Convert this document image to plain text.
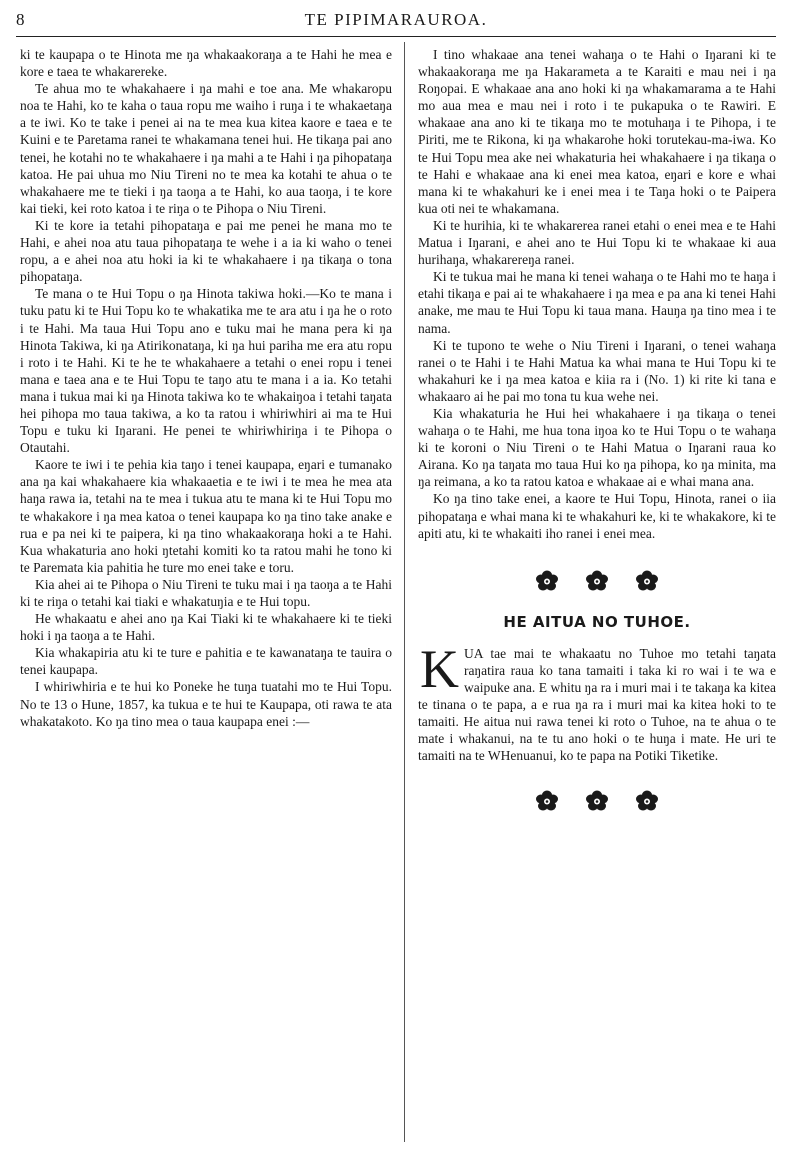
8	TE PIPIMARAUROA.

ki te kaupapa o te Hinota me ŋa whakaakoraŋa a te Hahi he mea e kore e taea te whakarereke.

Te ahua mo te whakahaere i ŋa mahi e toe ana. Me whakaropu noa te Hahi, ko te kaha o taua ropu me waiho i ruŋa i te whakaetaŋa a te iwi. Ko te take i penei ai na te mea kua kitea kaore e taea e te Kuini e te Paretama ranei te whakamana tenei hui. He tikaŋa pai ano tenei, he kotahi no te whakahaere i ŋa mahi a te Hahi i ŋa pihopataŋa katoa. He pai uhua mo Niu Tireni no te mea ka kotahi te ahua o te whakahaere me te tieki i ŋa taoŋa a te Hahi, ko aua taoŋa, i te kore kai tieki, kei roto katoa i te riŋa o te Pihopa o Niu Tireni.

Ki te kore ia tetahi pihopataŋa e pai me penei he mana mo te Hahi, e ahei noa atu taua pihopataŋa te wehe i a ia ki waho o tenei ropu, a e ahei noa atu hoki ia ki te whakahaere i ŋa tikaŋa o tona pihopataŋa.

Te mana o te Hui Topu o ŋa Hinota takiwa hoki.—Ko te mana i tuku patu ki te Hui Topu ko te whakatika me te ara atu i ŋa he o roto i te Hahi. Ma taua Hui Topu ano e tuku mai he mana pera ki ŋa Hinota Takiwa, ki ŋa Atirikonataŋa, ki ŋa hui pariha me era atu ropu i roto i te Hahi. Ki te he te whakahaere a tetahi o enei ropu i tenei mana e taea ana e te Hui Topu te taŋo atu te mana i a ia. Ko tetahi mana i tukua mai ki ŋa Hinota takiwa ko te whakaiŋoa i tetahi taŋata hei pihopa mo taua takiwa, a ko ta ratou i whiriwhiri ai ma te Hui Topu e tuku ki Iŋarani. He penei te whiriwhiriŋa i te Pihopa o Otautahi.

Kaore te iwi i te pehia kia taŋo i tenei kaupapa, eŋari e tumanako ana ŋa kai whakahaere kia whakaaetia e te iwi i te mea he mea ata haŋa rawa ia, tetahi na te mea i tukua atu te mana ki te Hui Topu mo te whakakore i ŋa mea katoa o tenei kaupapa ko ŋa tino take anake e rua e pa nei ki te paipera, ki ŋa tino whakaakoraŋa hoki a te Hahi. Kua whakaturia ano hoki ŋtetahi komiti ko ta ratou mahi he tono ki te Paremata kia pahitia he ture mo enei take e toru.

Kia ahei ai te Pihopa o Niu Tireni te tuku mai i ŋa taoŋa a te Hahi ki te riŋa o tetahi kai tiaki e whakatuŋia e te Hui topu.

He whakaatu e ahei ano ŋa Kai Tiaki ki te whakahaere ki te tieki hoki i ŋa taoŋa a te Hahi.

Kia whakapiria atu ki te ture e pahitia e te kawanataŋa te tauira o tenei kaupapa.

I whiriwhiria e te hui ko Poneke he tuŋa tuatahi mo te Hui Topu. No te 13 o Hune, 1857, ka tukua e te hui te Kaupapa, oti rawa te ata whakatakoto. Ko ŋa tino mea o taua kaupapa enei :—

I tino whakaae ana tenei wahaŋa o te Hahi o Iŋarani ki te whakaakoraŋa me ŋa Hakarameta a te Karaiti e mau nei i ŋa Roŋopai. E whakaae ana ano hoki ki ŋa whakamarama a te Hahi mo aua mea e mau nei i roto i te pukapuka o te Rawiri. E whakaae ana ano ki te tikaŋa mo te motuhaŋa i te Pihopa, i te Piriti, me te Rikona, ki ŋa whakarohe hoki torutekau-ma-iwa. Ko te Hui Topu mea ake nei whakaturia hei whakahaere i ŋa tikaŋa o te Hahi e whakaae ana ki enei mea katoa, eŋari e kore e whai mana ki te whakahuri ke i enei mea i te Taŋa hoki o te Paipera kua oti nei te whakamana.

Ki te hurihia, ki te whakarerea ranei etahi o enei mea e te Hahi Matua i Iŋarani, e ahei ano te Hui Topu ki te whakaae ki aua hurihaŋa, whakarereŋa ranei.

Ki te tukua mai he mana ki tenei wahaŋa o te Hahi mo te haŋa i etahi tikaŋa e pai ai te whakahaere i ŋa mea e pa ana ki tenei Hahi anake, me mau te Hui Topu ki taua mana. Hauŋa ŋa tino mea i te nama.

Ki te tupono te wehe o Niu Tireni i Iŋarani, o tenei wahaŋa ranei o te Hahi i te Hahi Matua ka whai mana te Hui Topu ki te whakahuri ke i ŋa mea katoa e kiia ra i (No. 1) ki rite ki tana e whakaaro ai he pai mo tona tu kua wehe nei.

Kia whakaturia he Hui hei whakahaere i ŋa tikaŋa o tenei wahaŋa o te Hahi, me hua tona iŋoa ko te Hui Topu o te wahaŋa ki te koroni o Niu Tireni o te Hahi Matua o Iŋarani raua ko Airana. Ko ŋa taŋata mo taua Hui ko ŋa pihopa, ko ŋa minita, ma ŋa reimana, a ko ta ratou katoa e whakaae ai e whai mana ana.

Ko ŋa tino take enei, a kaore te Hui Topu, Hinota, ranei o iia pihopataŋa e whai mana ki te whakahuri ke, ki te whakakore, ki te apiti atu, ki te whakaiti iho ranei i enei mea.

HE AITUA NO TUHOE.

KUA tae mai te whakaatu no Tuhoe mo tetahi taŋata raŋatira raua ko tana tamaiti i taka ki ro wai i te wa e waipuke ana. E whitu ŋa ra i muri mai i te takaŋa ka kitea te tinana o te papa, a e rua ŋa ra i muri mai ka kitea hoki to te tamaiti. He aitua nui rawa tenei ki roto o Tuhoe, na te ahua o te mate i whakanui, na te tu ano hoki o te huŋa i mate. He uri te tamaiti na te WHenuanui, ko te papa na Potiki Tiketike.
